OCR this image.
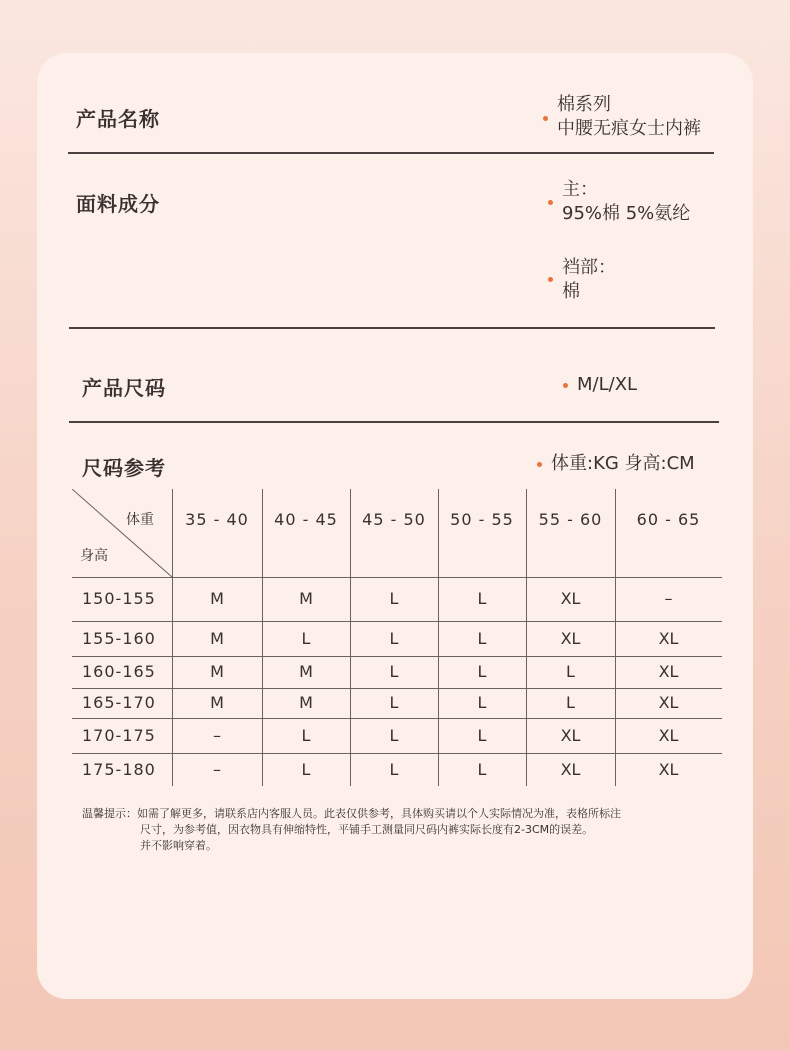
产品名称
棉系列
中腰无痕女士内裤
面料成分
主：
95%棉 5%氨纶
裆部：
棉
产品尺码	M/L/XL
尺码参考	体重:KG 身高:CM
体重
身高
35 - 40	40 - 45	45 - 50	50 - 55	55 - 60	60 - 65
150-155	M	M	L	L	XL	–
155-160	M	L	L	L	XL	XL
160-165	M	M	L	L	L	XL
165-170	M	M	L	L	L	XL
170-175	–	L	L	L	XL	XL
175-180	–	L	L	L	XL	XL
温馨提示：如需了解更多，请联系店内客服人员。此表仅供参考，具体购买请以个人实际情况为准，表格所标注
尺寸，为参考值，因衣物具有伸缩特性，平铺手工测量同尺码内裤实际长度有2-3CM的误差。
并不影响穿着。
